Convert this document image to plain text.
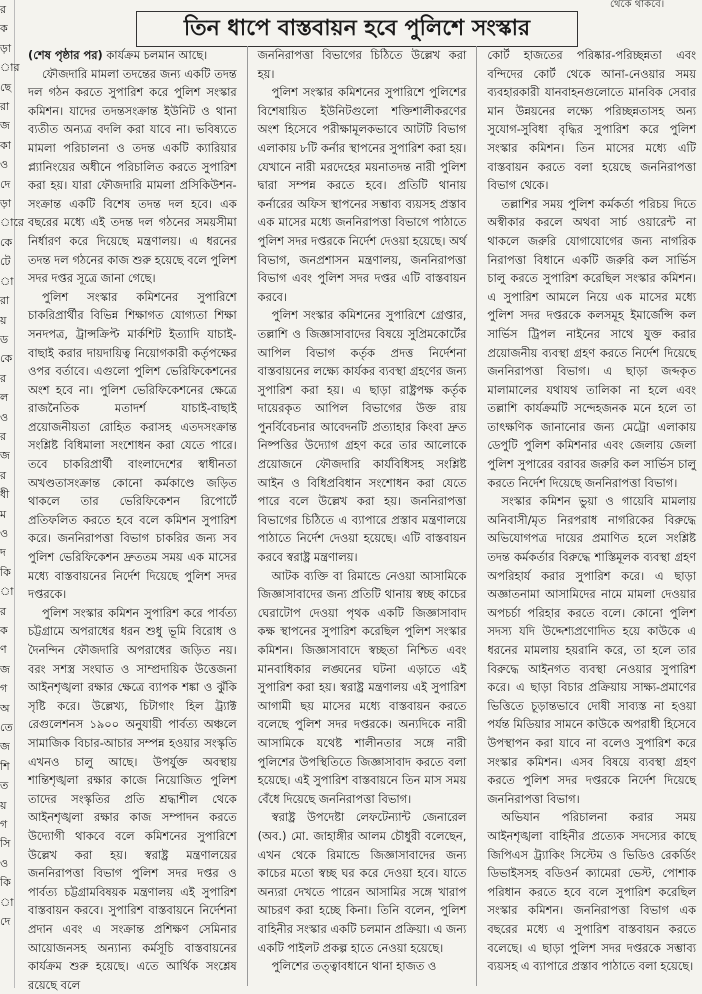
র
ক
ড়া
ার
ছে
রা
জ
কা
ও
দে
ড়া
ারে
কে
টে
া
রা
য়
ড
কে
র
ল
ও
র
জ
র
ধী
ম
ও
দ
কি
া
র
ক
ণ
জ
গ
অ
তে
জ
শি
ত
য়
গ
সি
ও
কি
া
দে
থেকে থাকবে।
তিন ধাপে বাস্তবায়ন হবে পুলিশে সংস্কার

(শেষ পৃষ্ঠার পর) কার্যক্রম চলমান আছে।

ফৌজদারি মামলা তদন্তের জন্য একটি তদন্ত দল গঠন করতে সুপারিশ করে পুলিশ সংস্কার কমিশন। যাদের তদন্তসংক্রান্ত ইউনিট ও থানা ব্যতীত অন্যত্র বদলি করা যাবে না। ভবিষ্যতে মামলা পরিচালনা ও তদন্ত একটি ক্যারিয়ার প্ল্যানিংয়ের অধীনে পরিচালিত করতে সুপারিশ করা হয়। যারা ফৌজদারি মামলা প্রসিকিউশন-সংক্রান্ত একটি বিশেষ তদন্ত দল হবে। এক বছরের মধ্যে এই তদন্ত দল গঠনের সময়সীমা নির্ধারণ করে দিয়েছে মন্ত্রণালয়। এ ধরনের তদন্ত দল গঠনের কাজ শুরু হয়েছে বলে পুলিশ সদর দপ্তর সূত্রে জানা গেছে।

পুলিশ সংস্কার কমিশনের সুপারিশে চাকরিপ্রার্থীর বিভিন্ন শিক্ষাগত যোগ্যতা শিক্ষা সনদপত্র, ট্রান্সক্রিপ্ট মার্কশিট ইত্যাদি যাচাই-বাছাই করার দায়দায়িত্ব নিয়োগকারী কর্তৃপক্ষের ওপর বর্তাবে। এগুলো পুলিশ ভেরিফিকেশনের অংশ হবে না। পুলিশ ভেরিফিকেশনের ক্ষেত্রে রাজনৈতিক মতাদর্শ যাচাই-বাছাই প্রয়োজনীয়তা রোহিত করাসহ এতদসংক্রান্ত সংশ্লিষ্ট বিধিমালা সংশোধন করা যেতে পারে। তবে চাকরিপ্রার্থী বাংলাদেশের স্বাধীনতা অখণ্ডতাসংক্রান্ত কোনো কর্মকাণ্ডে জড়িত থাকলে তার ভেরিফিকেশন রিপোর্টে প্রতিফলিত করতে হবে বলে কমিশন সুপারিশ করে। জননিরাপত্তা বিভাগ চাকরির জন্য সব পুলিশ ভেরিফিকেশন দ্রুততম সময় এক মাসের মধ্যে বাস্তবায়নের নির্দেশ দিয়েছে পুলিশ সদর দপ্তরকে।

পুলিশ সংস্কার কমিশন সুপারিশ করে পার্বত্য চট্টগ্রামে অপরাধের ধরন শুধু ভূমি বিরোধ ও দৈনন্দিন ফৌজদারি অপরাধের জড়িত নয়। বরং সশস্ত্র সংঘাত ও সাম্প্রদায়িক উত্তেজনা আইনশৃঙ্খলা রক্ষার ক্ষেত্রে ব্যাপক শঙ্কা ও ঝুঁকি সৃষ্টি করে। উল্লেখ্য, চিটাগাং হিল ট্র্যাক্ট রেগুলেশনস ১৯০০ অনুযায়ী পার্বত্য অঞ্চলে সামাজিক বিচার-আচার সম্পন্ন হওয়ার সংস্কৃতি এখনও চালু আছে। উপর্যুক্ত অবস্থায় শান্তিশৃঙ্খলা রক্ষার কাজে নিয়োজিত পুলিশ তাদের সংস্কৃতির প্রতি শ্রদ্ধাশীল থেকে আইনশৃঙ্খলা রক্ষার কাজ সম্পাদন করতে উদ্যোগী থাকবে বলে কমিশনের সুপারিশে উল্লেখ করা হয়। স্বরাষ্ট্র মন্ত্রণালয়ের জননিরাপত্তা বিভাগ পুলিশ সদর দপ্তর ও পার্বত্য চট্টগ্রামবিষয়ক মন্ত্রণালয় এই সুপারিশ বাস্তবায়ন করবে। সুপারিশ বাস্তবায়নে নির্দেশনা প্রদান এবং এ সংক্রান্ত প্রশিক্ষণ সেমিনার আয়োজনসহ অন্যান্য কর্মসূচি বাস্তবায়নের কার্যক্রম শুরু হয়েছে। এতে আর্থিক সংশ্লেষ রয়েছে বলে

জননিরাপত্তা বিভাগের চিঠিতে উল্লেখ করা হয়।

পুলিশ সংস্কার কমিশনের সুপারিশে পুলিশের বিশেষায়িত ইউনিটগুলো শক্তিশালীকরণের অংশ হিসেবে পরীক্ষামূলকভাবে আটটি বিভাগ এলাকায় ৮টি কর্নার স্থাপনের সুপারিশ করা হয়। যেখানে নারী মরদেহের ময়নাতদন্ত নারী পুলিশ দ্বারা সম্পন্ন করতে হবে। প্রতিটি থানায় কর্নারের অফিস স্থাপনের সম্ভাব্য ব্যয়সহ প্রস্তাব এক মাসের মধ্যে জননিরাপত্তা বিভাগে পাঠাতে পুলিশ সদর দপ্তরকে নির্দেশ দেওয়া হয়েছে। অর্থ বিভাগ, জনপ্রশাসন মন্ত্রণালয়, জননিরাপত্তা বিভাগ এবং পুলিশ সদর দপ্তর এটি বাস্তবায়ন করবে।

পুলিশ সংস্কার কমিশনের সুপারিশে গ্রেপ্তার, তল্লাশি ও জিজ্ঞাসাবাদের বিষয়ে সুপ্রিমকোর্টের আপিল বিভাগ কর্তৃক প্রদত্ত নির্দেশনা বাস্তবায়নের লক্ষ্যে কার্যকর ব্যবস্থা গ্রহণের জন্য সুপারিশ করা হয়। এ ছাড়া রাষ্ট্রপক্ষ কর্তৃক দায়েরকৃত আপিল বিভাগের উক্ত রায় পুনর্বিবেচনার আবেদনটি প্রত্যাহার কিংবা দ্রুত নিষ্পত্তির উদ্যোগ গ্রহণ করে তার আলোকে প্রয়োজনে ফৌজদারি কার্যবিধিসহ সংশ্লিষ্ট আইন ও বিধিপ্রবিধান সংশোধন করা যেতে পারে বলে উল্লেখ করা হয়। জননিরাপত্তা বিভাগের চিঠিতে এ ব্যাপারে প্রস্তাব মন্ত্রণালয়ে পাঠাতে নির্দেশ দেওয়া হয়েছে। এটি বাস্তবায়ন করবে স্বরাষ্ট্র মন্ত্রণালয়।

আটক ব্যক্তি বা রিমান্ডে নেওয়া আসামিকে জিজ্ঞাসাবাদের জন্য প্রতিটি থানায় স্বচ্ছ কাচের ঘেরাটোপ দেওয়া পৃথক একটি জিজ্ঞাসাবাদ কক্ষ স্থাপনের সুপারিশ করেছিল পুলিশ সংস্কার কমিশন। জিজ্ঞাসাবাদে স্বচ্ছতা নিশ্চিত এবং মানবাধিকার লঙ্ঘনের ঘটনা এড়াতে এই সুপারিশ করা হয়। স্বরাষ্ট্র মন্ত্রণালয় এই সুপারিশ আগামী ছয় মাসের মধ্যে বাস্তবায়ন করতে বলেছে পুলিশ সদর দপ্তরকে। অন্যদিকে নারী আসামিকে যথেষ্ট শালীনতার সঙ্গে নারী পুলিশের উপস্থিতিতে জিজ্ঞাসাবাদ করতে বলা হয়েছে। এই সুপারিশ বাস্তবায়নে তিন মাস সময় বেঁধে দিয়েছে জননিরাপত্তা বিভাগ।

স্বরাষ্ট্র উপদেষ্টা লেফটেন্যান্ট জেনারেল (অব.) মো. জাহাঙ্গীর আলম চৌধুরী বলেছেন, এখন থেকে রিমান্ডে জিজ্ঞাসাবাদের জন্য কাচের মতো স্বচ্ছ ঘর করে দেওয়া হবে। যাতে অন্যরা দেখতে পারেন আসামির সঙ্গে খারাপ আচরণ করা হচ্ছে কিনা। তিনি বলেন, পুলিশ বাহিনীর সংস্কার একটি চলমান প্রক্রিয়া। এ জন্য একটি পাইলট প্রকল্প হাতে নেওয়া হয়েছে।

পুলিশের তত্ত্বাবধানে থানা হাজত ও

কোর্ট হাজতের পরিষ্কার-পরিচ্ছন্নতা এবং বন্দিদের কোর্ট থেকে আনা-নেওয়ার সময় ব্যবহারকারী যানবাহনগুলোতে মানবিক সেবার মান উন্নয়নের লক্ষ্যে পরিচ্ছন্নতাসহ অন্য সুযোগ-সুবিধা বৃদ্ধির সুপারিশ করে পুলিশ সংস্কার কমিশন। তিন মাসের মধ্যে এটি বাস্তবায়ন করতে বলা হয়েছে জননিরাপত্তা বিভাগ থেকে।

তল্লাশির সময় পুলিশ কর্মকর্তা পরিচয় দিতে অস্বীকার করলে অথবা সার্চ ওয়ারেন্ট না থাকলে জরুরি যোগাযোগের জন্য নাগরিক নিরাপত্তা বিধানে একটি জরুরি কল সার্ভিস চালু করতে সুপারিশ করেছিল সংস্কার কমিশন। এ সুপারিশ আমলে নিয়ে এক মাসের মধ্যে পুলিশ সদর দপ্তরকে কলসমূহ ইমার্জেন্সি কল সার্ভিস ট্রিপল নাইনের সাথে যুক্ত করার প্রয়োজনীয় ব্যবস্থা গ্রহণ করতে নির্দেশ দিয়েছে জননিরাপত্তা বিভাগ। এ ছাড়া জব্দকৃত মালামালের যথাযথ তালিকা না হলে এবং তল্লাশি কার্যক্রমটি সন্দেহজনক মনে হলে তা তাৎক্ষণিক জানানোর জন্য মেট্রো এলাকায় ডেপুটি পুলিশ কমিশনার এবং জেলায় জেলা পুলিশ সুপারের বরাবর জরুরি কল সার্ভিস চালু করতে নির্দেশ দিয়েছে জননিরাপত্তা বিভাগ।

সংস্কার কমিশন ভুয়া ও গায়েবি মামলায় অনিবাসী/মৃত নিরপরাধ নাগরিকের বিরুদ্ধে অভিযোগপত্র দায়ের প্রমাণিত হলে সংশ্লিষ্ট তদন্ত কর্মকর্তার বিরুদ্ধে শাস্তিমূলক ব্যবস্থা গ্রহণ অপরিহার্য করার সুপারিশ করে। এ ছাড়া অজ্ঞাতনামা আসামিদের নামে মামলা দেওয়ার অপচর্চা পরিহার করতে বলে। কোনো পুলিশ সদস্য যদি উদ্দেশ্যপ্রণোদিত হয়ে কাউকে এ ধরনের মামলায় হয়রানি করে, তা হলে তার বিরুদ্ধে আইনগত ব্যবস্থা নেওয়ার সুপারিশ করে। এ ছাড়া বিচার প্রক্রিয়ায় সাক্ষ্য-প্রমাণের ভিত্তিতে চূড়ান্তভাবে দোষী সাব্যস্ত না হওয়া পর্যন্ত মিডিয়ার সামনে কাউকে অপরাধী হিসেবে উপস্থাপন করা যাবে না বলেও সুপারিশ করে সংস্কার কমিশন। এসব বিষয়ে ব্যবস্থা গ্রহণ করতে পুলিশ সদর দপ্তরকে নির্দেশ দিয়েছে জননিরাপত্তা বিভাগ।

অভিযান পরিচালনা করার সময় আইনশৃঙ্খলা বাহিনীর প্রত্যেক সদস্যের কাছে জিপিএস ট্র্যাকিং সিস্টেম ও ভিডিও রেকর্ডিং ডিভাইসসহ বডিওর্ন ক্যামেরা ভেস্ট, পোশাক পরিধান করতে হবে বলে সুপারিশ করেছিল সংস্কার কমিশন। জননিরাপত্তা বিভাগ এক বছরের মধ্যে এ সুপারিশ বাস্তবায়ন করতে বলেছে। এ ছাড়া পুলিশ সদর দপ্তরকে সম্ভাব্য ব্যয়সহ এ ব্যাপারে প্রস্তাব পাঠাতে বলা হয়েছে।
